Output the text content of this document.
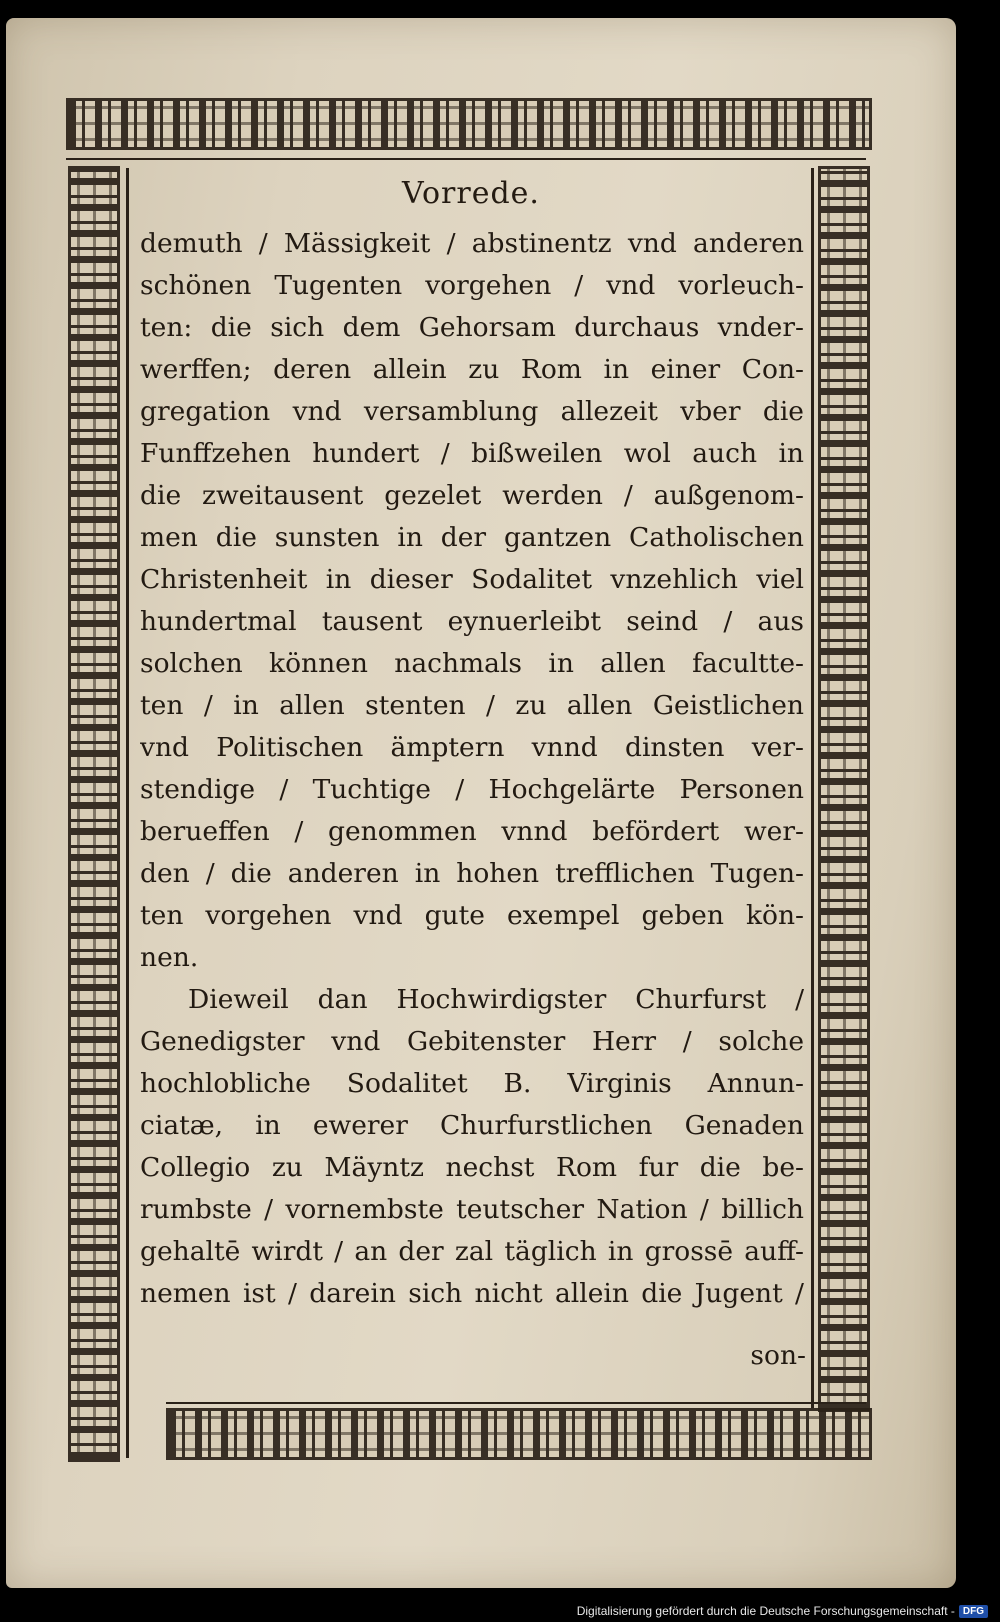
Vorrede.
demuth / Mässigkeit / abstinentz vnd anderen
schönen Tugenten vorgehen / vnd vorleuch-
ten: die sich dem Gehorsam durchaus vnder-
werffen; deren allein zu Rom in einer Con-
gregation vnd versamblung allezeit vber die
Funffzehen hundert / bißweilen wol auch in
die zweitausent gezelet werden / außgenom-
men die sunsten in der gantzen Catholischen
Christenheit in dieser Sodalitet vnzehlich viel
hundertmal tausent eynuerleibt seind / aus
solchen können nachmals in allen facultte-
ten / in allen stenten / zu allen Geistlichen
vnd Politischen ämptern vnnd dinsten ver-
stendige / Tuchtige / Hochgelärte Personen
berueffen / genommen vnnd befördert wer-
den / die anderen in hohen trefflichen Tugen-
ten vorgehen vnd gute exempel geben kön-
nen.
Dieweil dan Hochwirdigster Churfurst /
Genedigster vnd Gebitenster Herr / solche
hochlobliche Sodalitet B. Virginis Annun-
ciatæ, in ewerer Churfurstlichen Genaden
Collegio zu Mäyntz nechst Rom fur die be-
rumbste / vornembste teutscher Nation / billich
gehaltē wirdt / an der zal täglich in grossē auff-
nemen ist / darein sich nicht allein die Jugent /
son-
Digitalisierung gefördert durch die Deutsche Forschungsgemeinschaft - DFG
